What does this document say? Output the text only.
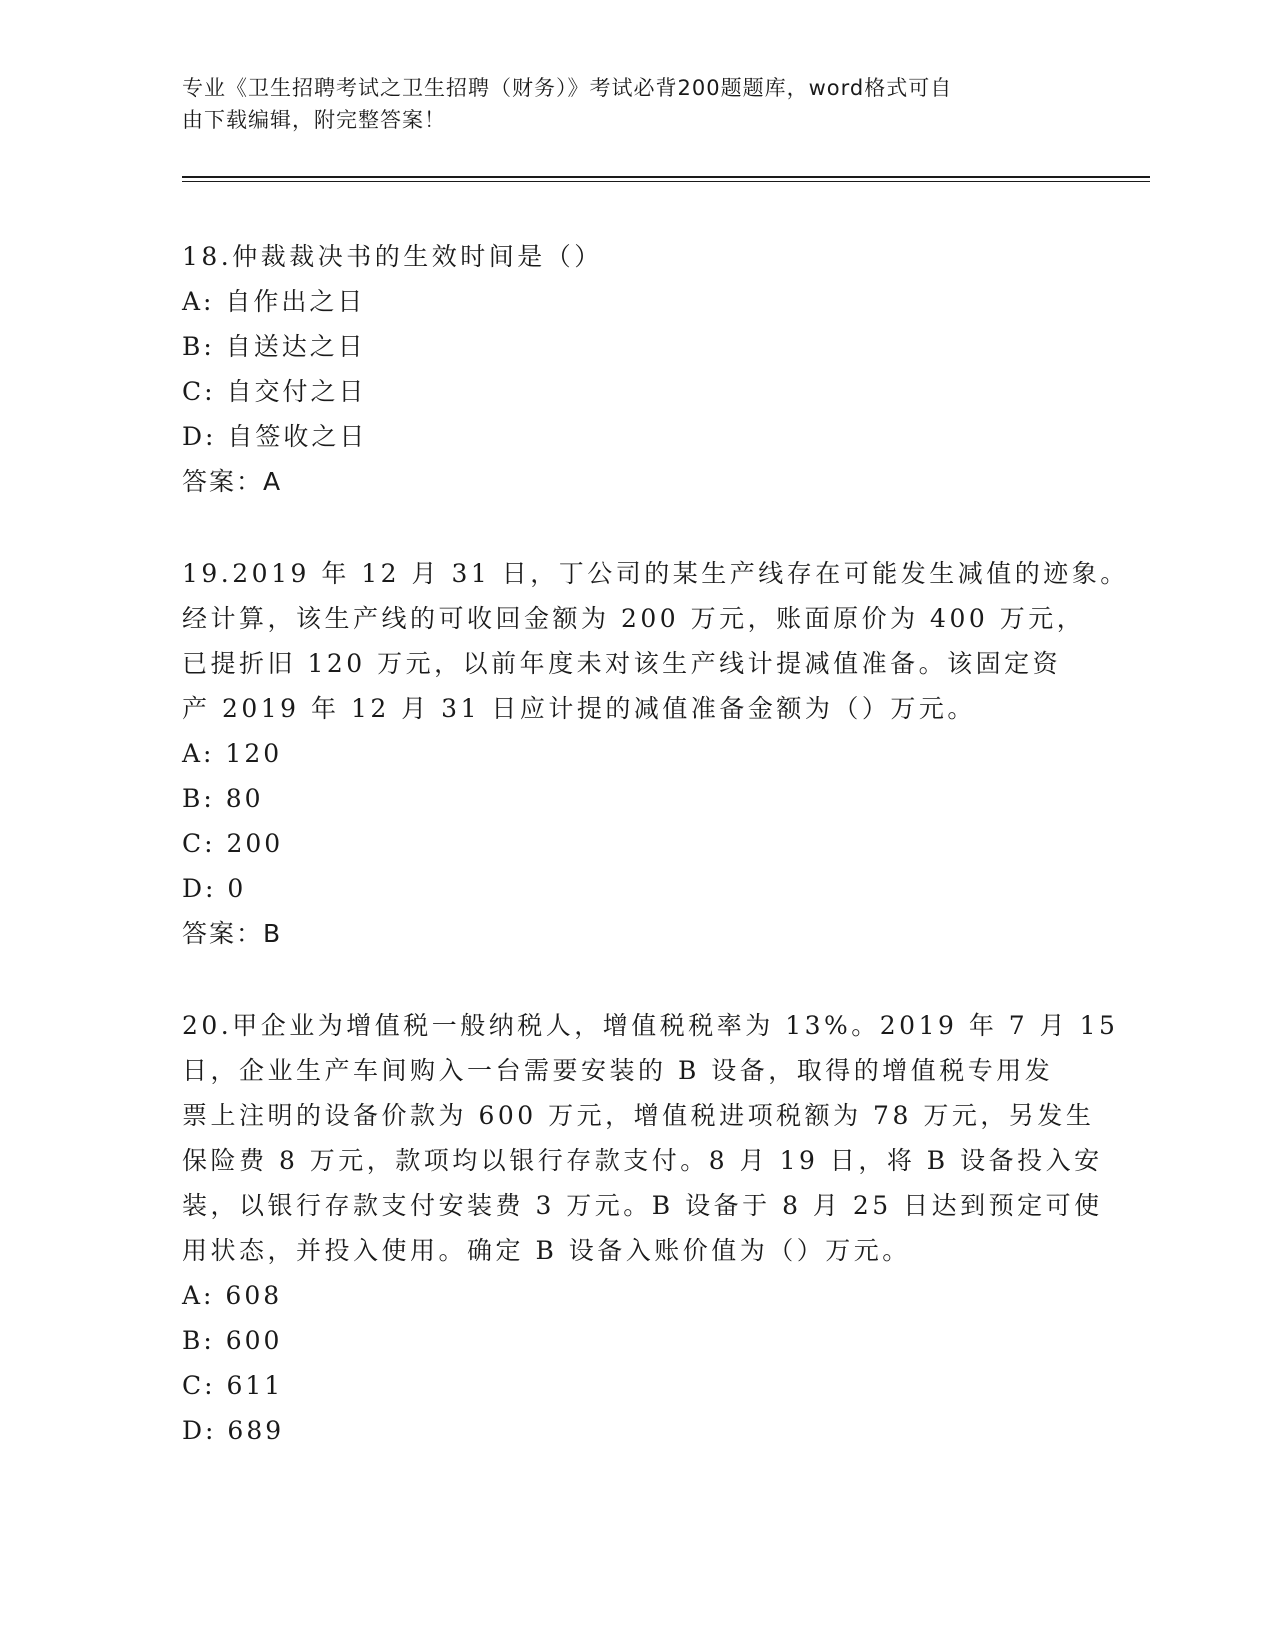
专业《卫生招聘考试之卫生招聘（财务）》考试必背200题题库，word格式可自
由下载编辑，附完整答案！
18.仲裁裁决书的生效时间是（）
A: 自作出之日
B: 自送达之日
C: 自交付之日
D: 自签收之日
答案：A
19.2019 年 12 月 31 日，丁公司的某生产线存在可能发生减值的迹象。
经计算，该生产线的可收回金额为 200 万元，账面原价为 400 万元，
已提折旧 120 万元，以前年度未对该生产线计提减值准备。该固定资
产 2019 年 12 月 31 日应计提的减值准备金额为（）万元。
A: 120
B: 80
C: 200
D: 0
答案：B
20.甲企业为增值税一般纳税人，增值税税率为 13%。2019 年 7 月 15
日，企业生产车间购入一台需要安装的 B 设备，取得的增值税专用发
票上注明的设备价款为 600 万元，增值税进项税额为 78 万元，另发生
保险费 8 万元，款项均以银行存款支付。8 月 19 日，将 B 设备投入安
装，以银行存款支付安装费 3 万元。B 设备于 8 月 25 日达到预定可使
用状态，并投入使用。确定 B 设备入账价值为（）万元。
A: 608
B: 600
C: 611
D: 689
